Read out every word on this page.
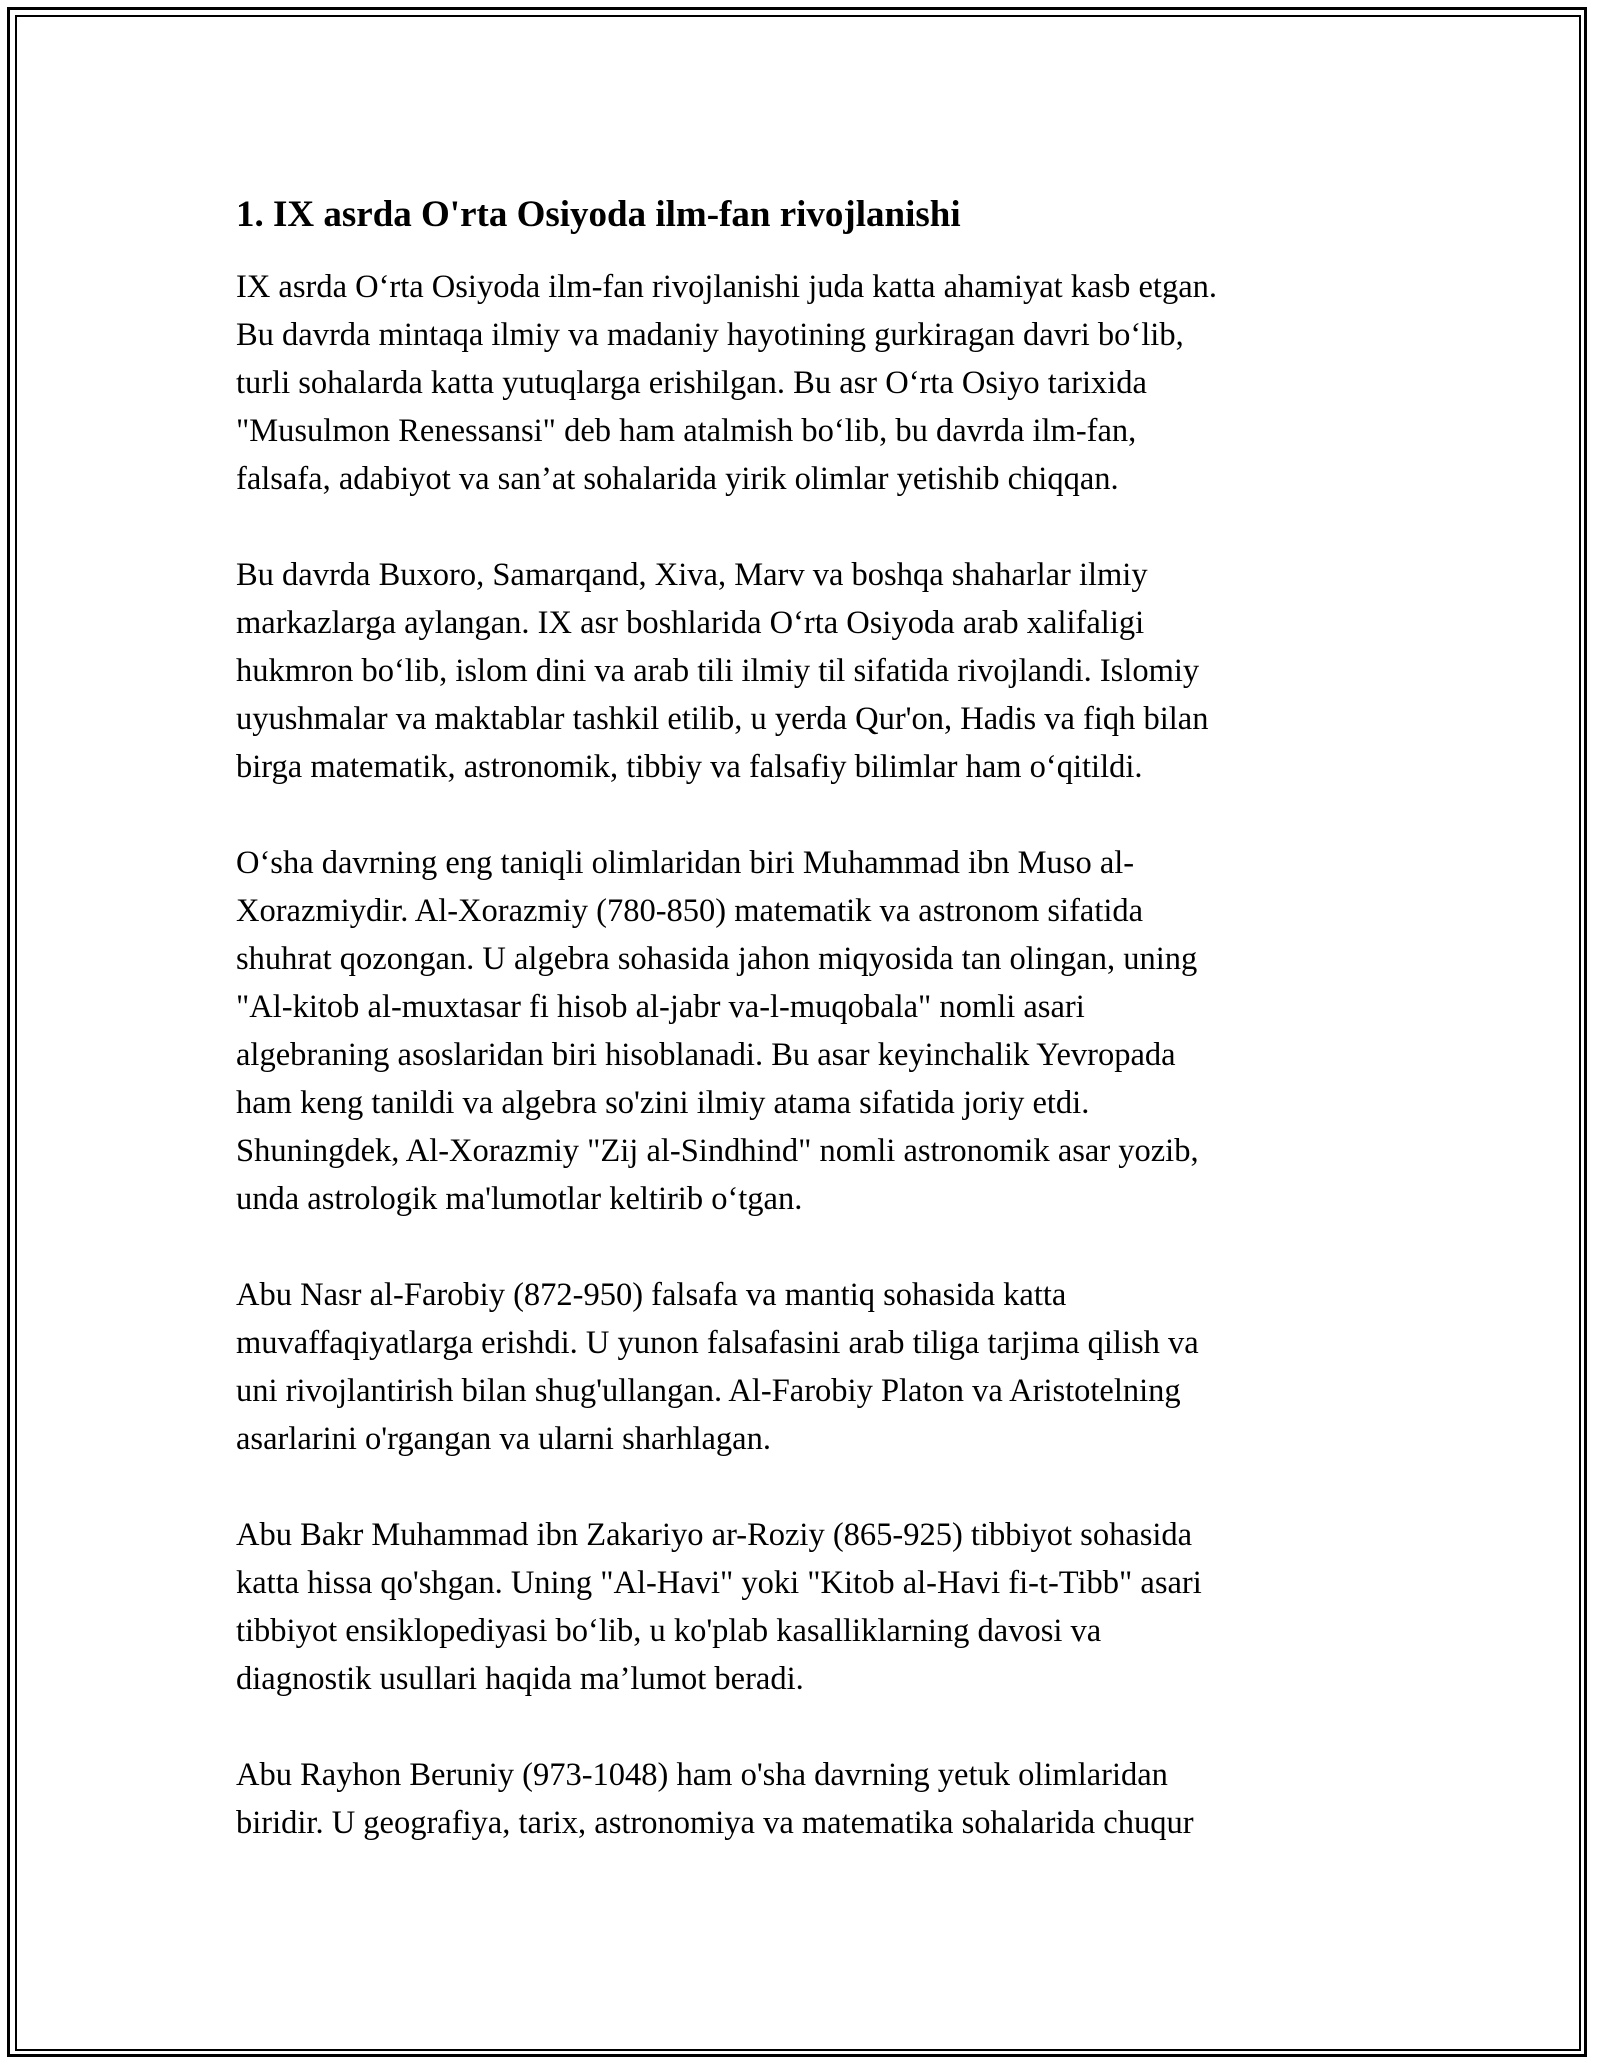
1. IX asrda O'rta Osiyoda ilm-fan rivojlanishi

IX asrda O‘rta Osiyoda ilm-fan rivojlanishi juda katta ahamiyat kasb etgan.
Bu davrda mintaqa ilmiy va madaniy hayotining gurkiragan davri bo‘lib,
turli sohalarda katta yutuqlarga erishilgan. Bu asr O‘rta Osiyo tarixida
"Musulmon Renessansi" deb ham atalmish bo‘lib, bu davrda ilm-fan,
falsafa, adabiyot va san’at sohalarida yirik olimlar yetishib chiqqan.

Bu davrda Buxoro, Samarqand, Xiva, Marv va boshqa shaharlar ilmiy
markazlarga aylangan. IX asr boshlarida O‘rta Osiyoda arab xalifaligi
hukmron bo‘lib, islom dini va arab tili ilmiy til sifatida rivojlandi. Islomiy
uyushmalar va maktablar tashkil etilib, u yerda Qur'on, Hadis va fiqh bilan
birga matematik, astronomik, tibbiy va falsafiy bilimlar ham o‘qitildi.

O‘sha davrning eng taniqli olimlaridan biri Muhammad ibn Muso al-
Xorazmiydir. Al-Xorazmiy (780-850) matematik va astronom sifatida
shuhrat qozongan. U algebra sohasida jahon miqyosida tan olingan, uning
"Al-kitob al-muxtasar fi hisob al-jabr va-l-muqobala" nomli asari
algebraning asoslaridan biri hisoblanadi. Bu asar keyinchalik Yevropada
ham keng tanildi va algebra so'zini ilmiy atama sifatida joriy etdi.
Shuningdek, Al-Xorazmiy "Zij al-Sindhind" nomli astronomik asar yozib,
unda astrologik ma'lumotlar keltirib o‘tgan.

Abu Nasr al-Farobiy (872-950) falsafa va mantiq sohasida katta
muvaffaqiyatlarga erishdi. U yunon falsafasini arab tiliga tarjima qilish va
uni rivojlantirish bilan shug'ullangan. Al-Farobiy Platon va Aristotelning
asarlarini o'rgangan va ularni sharhlagan.

Abu Bakr Muhammad ibn Zakariyo ar-Roziy (865-925) tibbiyot sohasida
katta hissa qo'shgan. Uning "Al-Havi" yoki "Kitob al-Havi fi-t-Tibb" asari
tibbiyot ensiklopediyasi bo‘lib, u ko'plab kasalliklarning davosi va
diagnostik usullari haqida ma’lumot beradi.

Abu Rayhon Beruniy (973-1048) ham o'sha davrning yetuk olimlaridan
biridir. U geografiya, tarix, astronomiya va matematika sohalarida chuqur
